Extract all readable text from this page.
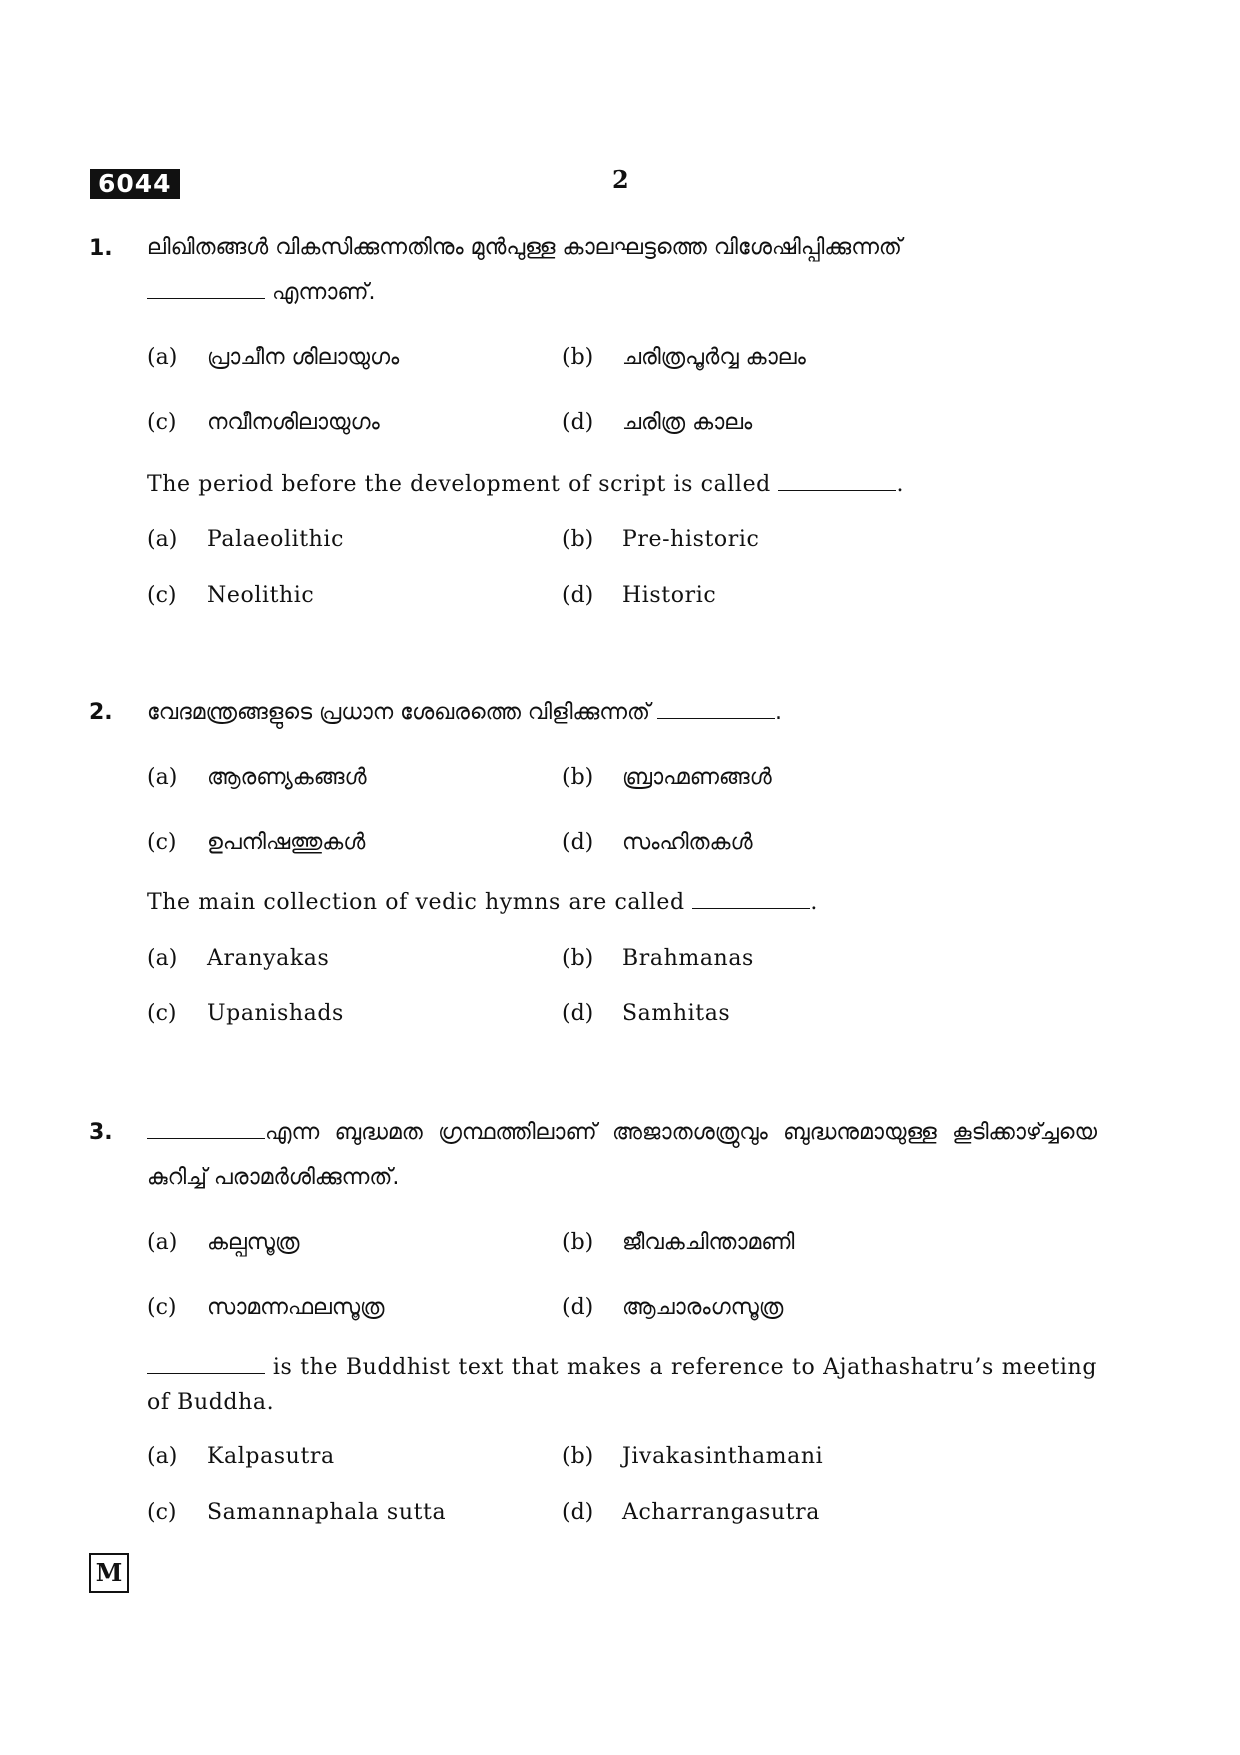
6044	2
1. ലിഖിതങ്ങൾ വികസിക്കുന്നതിനും മുൻപുള്ള കാലഘട്ടത്തെ വിശേഷിപ്പിക്കുന്നത്
എന്നാണ്.
(a) പ്രാചീന ശിലായുഗം	(b) ചരിത്രപൂർവ്വ കാലം
(c) നവീനശിലായുഗം	(d) ചരിത്ര കാലം
The period before the development of script is called	.
(a) Palaeolithic	(b) Pre-historic
(c) Neolithic	(d) Historic
2. വേദമന്ത്രങ്ങളുടെ പ്രധാന ശേഖരത്തെ വിളിക്കുന്നത്	.
(a) ആരണ്യകങ്ങൾ	(b) ബ്രാഹ്മണങ്ങൾ
(c) ഉപനിഷത്തുകൾ	(d) സംഹിതകൾ
The main collection of vedic hymns are called	.
(a) Aranyakas	(b) Brahmanas
(c) Upanishads	(d) Samhitas
3.	എന്ന ബുദ്ധമത ഗ്രന്ഥത്തിലാണ് അജാതശത്രുവും ബുദ്ധനുമായുള്ള കൂടിക്കാഴ്ച്ചയെ കുറിച്ച് പരാമർശിക്കുന്നത്.
(a) കല്പസൂത്ര	(b) ജീവകചിന്താമണി
(c) സാമന്നഫലസൂത്ര	(d) ആചാരംഗസൂത്ര
is the Buddhist text that makes a reference to Ajathashatru’s meeting of Buddha.
(a) Kalpasutra	(b) Jivakasinthamani
(c) Samannaphala sutta	(d) Acharrangasutra
M
